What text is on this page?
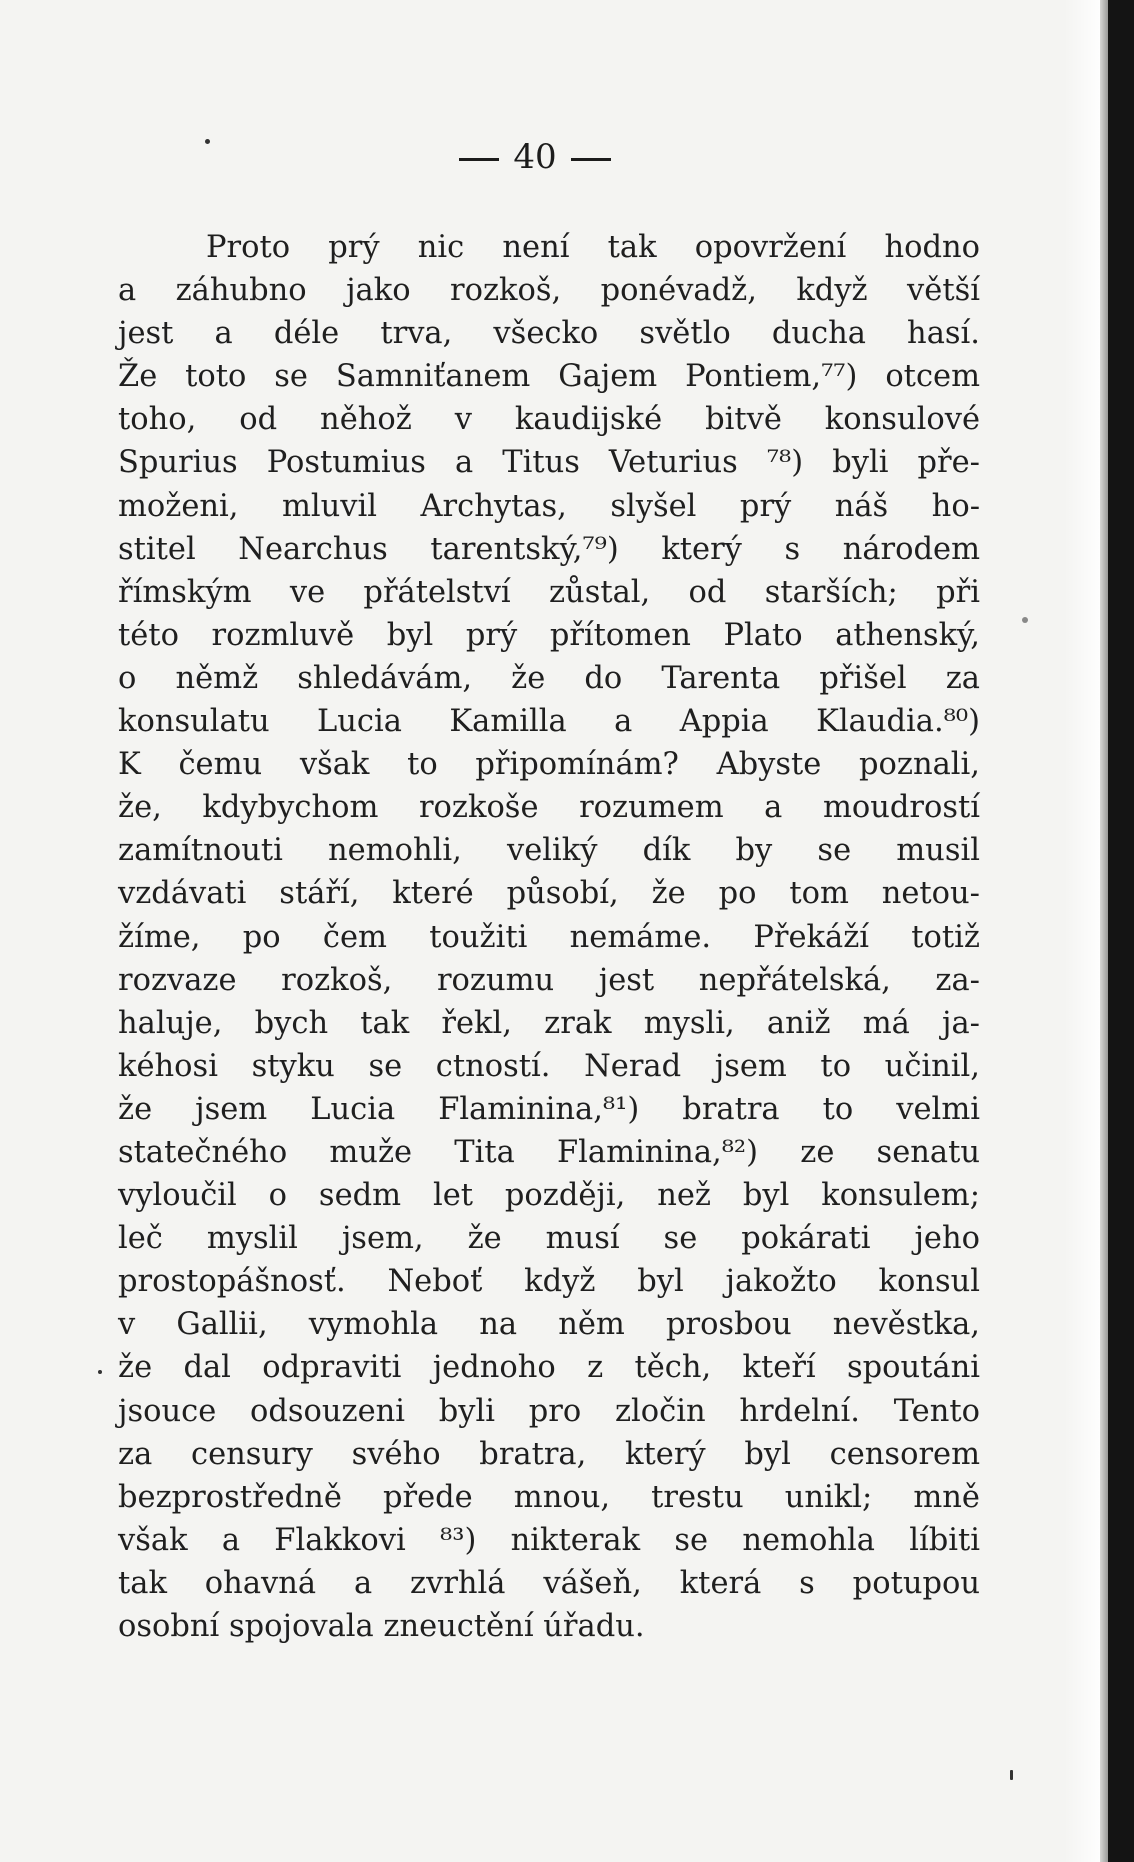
40
Proto prý nic není tak opovržení hodno
a záhubno jako rozkoš, ponévadž, když větší
jest a déle trva, všecko světlo ducha hasí.
Že toto se Samniťanem Gajem Pontiem,⁷⁷) otcem
toho, od něhož v kaudijské bitvě konsulové
Spurius Postumius a Titus Veturius ⁷⁸) byli pře-
moženi, mluvil Archytas, slyšel prý náš ho-
stitel Nearchus tarentský,⁷⁹) který s národem
římským ve přátelství zůstal, od starších; při
této rozmluvě byl prý přítomen Plato athenský,
o němž shledávám, že do Tarenta přišel za
konsulatu Lucia Kamilla a Appia Klaudia.⁸⁰)
K čemu však to připomínám? Abyste poznali,
že, kdybychom rozkoše rozumem a moudrostí
zamítnouti nemohli, veliký dík by se musil
vzdávati stáří, které působí, že po tom netou-
žíme, po čem toužiti nemáme. Překáží totiž
rozvaze rozkoš, rozumu jest nepřátelská, za-
haluje, bych tak řekl, zrak mysli, aniž má ja-
kéhosi styku se ctností. Nerad jsem to učinil,
že jsem Lucia Flaminina,⁸¹) bratra to velmi
statečného muže Tita Flaminina,⁸²) ze senatu
vyloučil o sedm let později, než byl konsulem;
leč myslil jsem, že musí se pokárati jeho
prostopášnosť. Neboť když byl jakožto konsul
v Gallii, vymohla na něm prosbou nevěstka,
že dal odpraviti jednoho z těch, kteří spoutáni
jsouce odsouzeni byli pro zločin hrdelní. Tento
za censury svého bratra, který byl censorem
bezprostředně přede mnou, trestu unikl; mně
však a Flakkovi ⁸³) nikterak se nemohla líbiti
tak ohavná a zvrhlá vášeň, která s potupou
osobní spojovala zneuctění úřadu.
